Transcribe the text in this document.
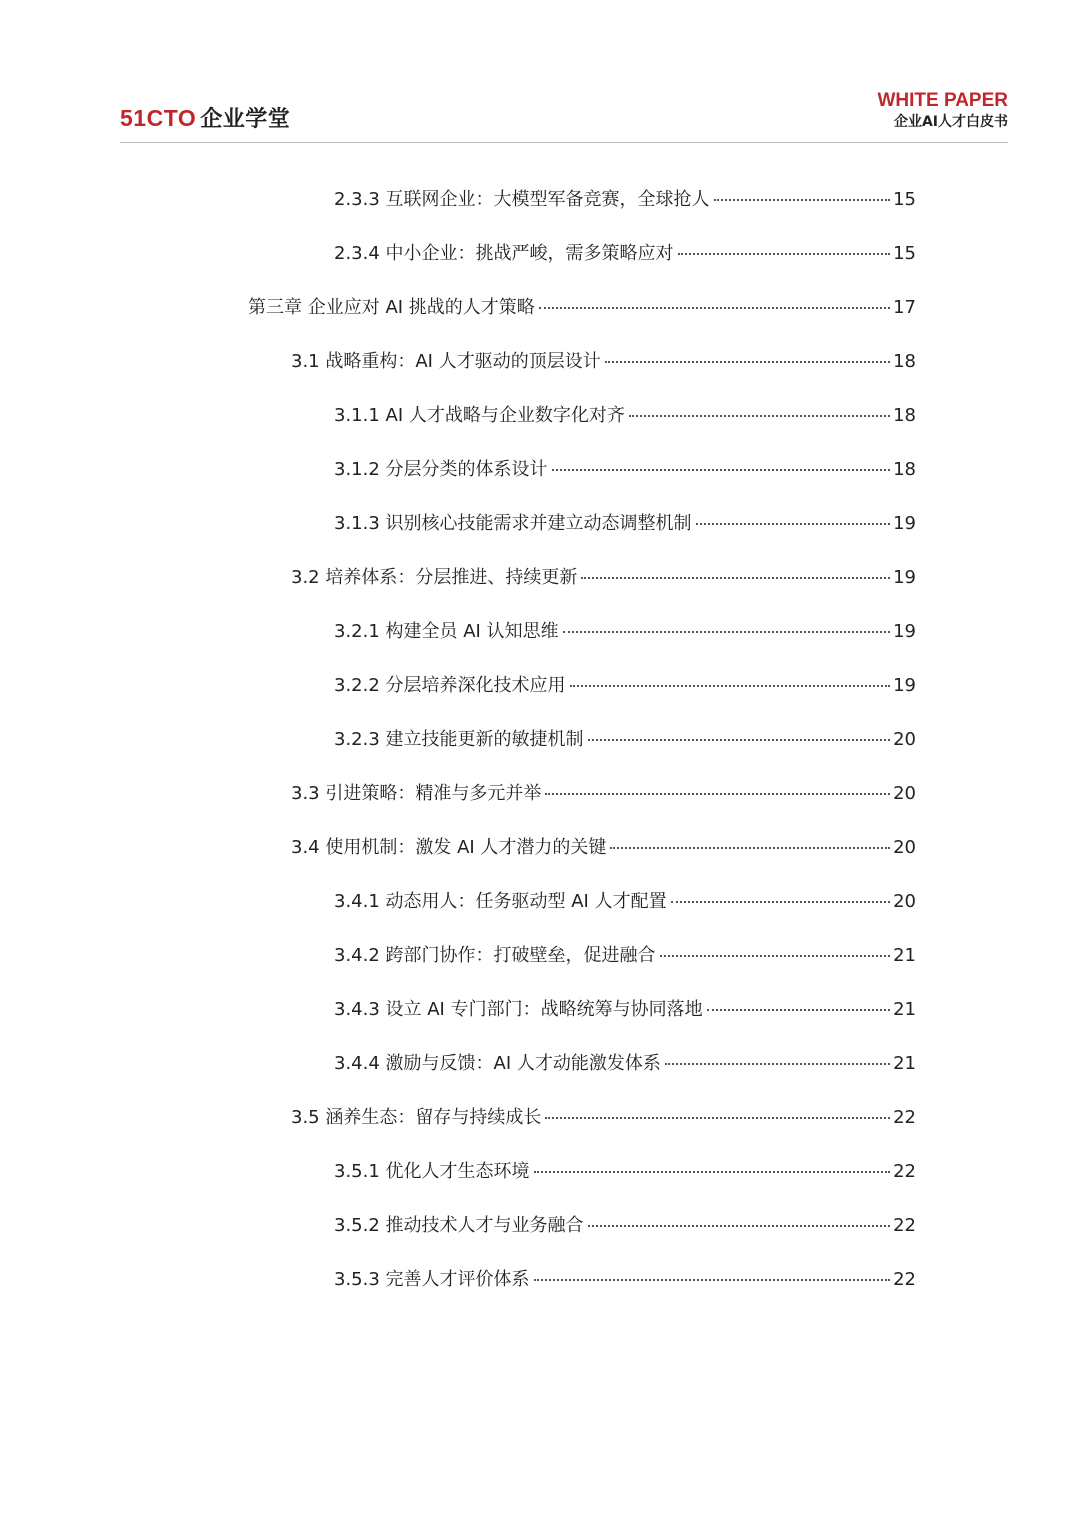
51CTO 企业学堂
WHITE PAPER
企业AI人才白皮书
2.3.3 互联网企业：大模型军备竞赛，全球抢人	15
2.3.4 中小企业：挑战严峻，需多策略应对	15
第三章 企业应对 AI 挑战的人才策略	17
3.1 战略重构：AI 人才驱动的顶层设计	18
3.1.1 AI 人才战略与企业数字化对齐	18
3.1.2 分层分类的体系设计	18
3.1.3 识别核心技能需求并建立动态调整机制	19
3.2 培养体系：分层推进、持续更新	19
3.2.1 构建全员 AI 认知思维	19
3.2.2 分层培养深化技术应用	19
3.2.3 建立技能更新的敏捷机制	20
3.3 引进策略：精准与多元并举	20
3.4 使用机制：激发 AI 人才潜力的关键	20
3.4.1 动态用人：任务驱动型 AI 人才配置	20
3.4.2 跨部门协作：打破壁垒，促进融合	21
3.4.3 设立 AI 专门部门：战略统筹与协同落地	21
3.4.4 激励与反馈：AI 人才动能激发体系	21
3.5 涵养生态：留存与持续成长	22
3.5.1 优化人才生态环境	22
3.5.2 推动技术人才与业务融合	22
3.5.3 完善人才评价体系	22
